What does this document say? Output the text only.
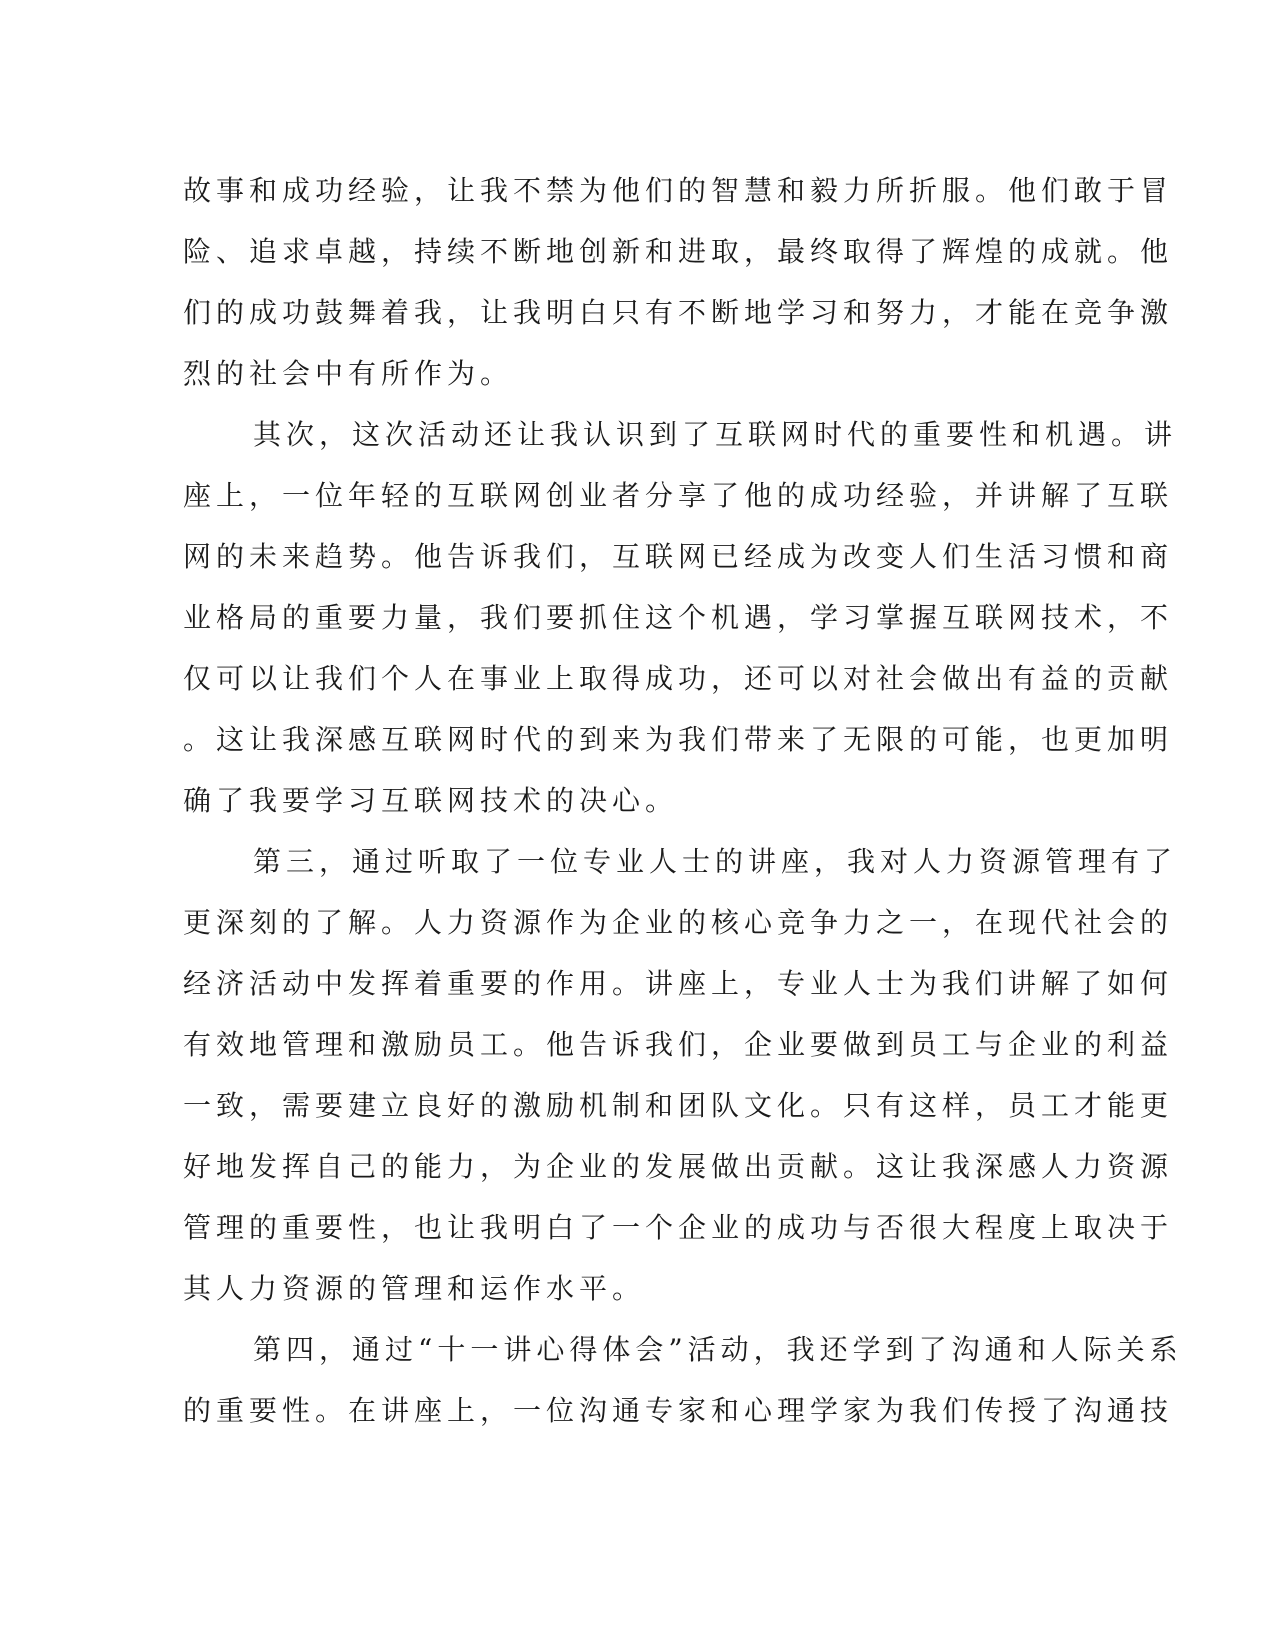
故事和成功经验，让我不禁为他们的智慧和毅力所折服。他们敢于冒
险、追求卓越，持续不断地创新和进取，最终取得了辉煌的成就。他
们的成功鼓舞着我，让我明白只有不断地学习和努力，才能在竞争激
烈的社会中有所作为。
其次，这次活动还让我认识到了互联网时代的重要性和机遇。讲
座上，一位年轻的互联网创业者分享了他的成功经验，并讲解了互联
网的未来趋势。他告诉我们，互联网已经成为改变人们生活习惯和商
业格局的重要力量，我们要抓住这个机遇，学习掌握互联网技术，不
仅可以让我们个人在事业上取得成功，还可以对社会做出有益的贡献
。这让我深感互联网时代的到来为我们带来了无限的可能，也更加明
确了我要学习互联网技术的决心。
第三，通过听取了一位专业人士的讲座，我对人力资源管理有了
更深刻的了解。人力资源作为企业的核心竞争力之一，在现代社会的
经济活动中发挥着重要的作用。讲座上，专业人士为我们讲解了如何
有效地管理和激励员工。他告诉我们，企业要做到员工与企业的利益
一致，需要建立良好的激励机制和团队文化。只有这样，员工才能更
好地发挥自己的能力，为企业的发展做出贡献。这让我深感人力资源
管理的重要性，也让我明白了一个企业的成功与否很大程度上取决于
其人力资源的管理和运作水平。
第四，通过“十一讲心得体会”活动，我还学到了沟通和人际关系
的重要性。在讲座上，一位沟通专家和心理学家为我们传授了沟通技
